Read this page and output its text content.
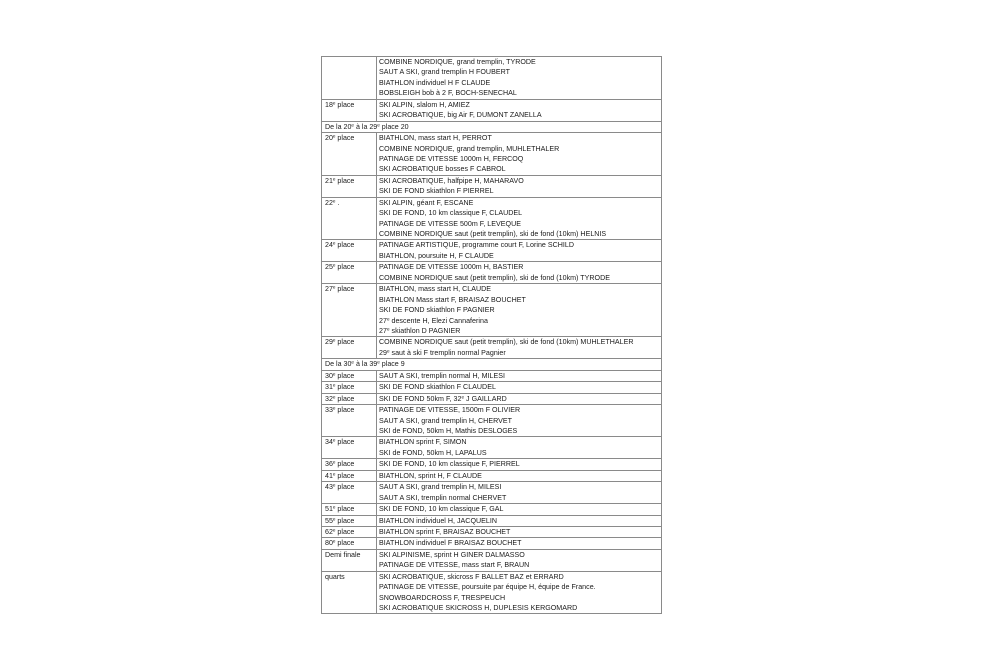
	COMBINE NORDIQUE, grand tremplin, TYRODE
SAUT A SKI, grand tremplin H FOUBERT
BIATHLON individuel H F CLAUDE
BOBSLEIGH bob à 2 F, BOCH-SENECHAL

18e place	SKI ALPIN, slalom H, AMIEZ
SKI ACROBATIQUE, big Air F, DUMONT ZANELLA

De la 20e à la 29e place 20	
20e place	BIATHLON, mass start H, PERROT
COMBINE NORDIQUE, grand tremplin, MUHLETHALER
PATINAGE DE VITESSE 1000m H, FERCOQ
SKI ACROBATIQUE bosses F CABROL

21e place	SKI ACROBATIQUE, halfpipe H, MAHARAVO
SKI DE FOND skiathlon F PIERREL

22e .	SKI ALPIN, géant F, ESCANE
SKI DE FOND, 10 km classique F, CLAUDEL
PATINAGE DE VITESSE 500m F, LEVEQUE
COMBINE NORDIQUE saut (petit tremplin), ski de fond (10km) HELNIS

24e place	PATINAGE ARTISTIQUE, programme court F, Lorine SCHILD
BIATHLON, poursuite H, F CLAUDE

25e place	PATINAGE DE VITESSE 1000m H, BASTIER
COMBINE NORDIQUE saut (petit tremplin), ski de fond (10km) TYRODE

27e place	BIATHLON, mass start H, CLAUDE
BIATHLON Mass start F, BRAISAZ BOUCHET
SKI DE FOND skiathlon F PAGNIER
27e descente H, Elezi Cannaferina
27e skiathlon D PAGNIER

29e place	COMBINE NORDIQUE saut (petit tremplin), ski de fond (10km) MUHLETHALER
29e saut à ski F tremplin normal Pagnier

De la 30e à la 39e place 9	
30e place	SAUT A SKI, tremplin normal H, MILESI

31e place	SKI DE FOND skiathlon F CLAUDEL

32e place	SKI DE FOND 50km F, 32e J GAILLARD

33e place	PATINAGE DE VITESSE, 1500m F OLIVIER
SAUT A SKI, grand tremplin H, CHERVET
SKI de FOND, 50km H, Mathis DESLOGES

34e place	BIATHLON sprint F, SIMON
SKI de FOND, 50km H, LAPALUS

36e place	SKI DE FOND, 10 km classique F, PIERREL

41e place	BIATHLON, sprint H, F CLAUDE

43e place	SAUT A SKI, grand tremplin H, MILESI
SAUT A SKI, tremplin normal CHERVET

51e place	SKI DE FOND, 10 km classique F, GAL

55e place	BIATHLON individuel H, JACQUELIN

62e place	BIATHLON sprint F, BRAISAZ BOUCHET

80e place	BIATHLON individuel F BRAISAZ BOUCHET

Demi finale	SKI ALPINISME, sprint H GINER DALMASSO
PATINAGE DE VITESSE, mass start F, BRAUN

quarts	SKI ACROBATIQUE, skicross F BALLET BAZ et ERRARD
PATINAGE DE VITESSE, poursuite par équipe H, équipe de France.
SNOWBOARDCROSS F, TRESPEUCH
SKI ACROBATIQUE SKICROSS H, DUPLESIS KERGOMARD
